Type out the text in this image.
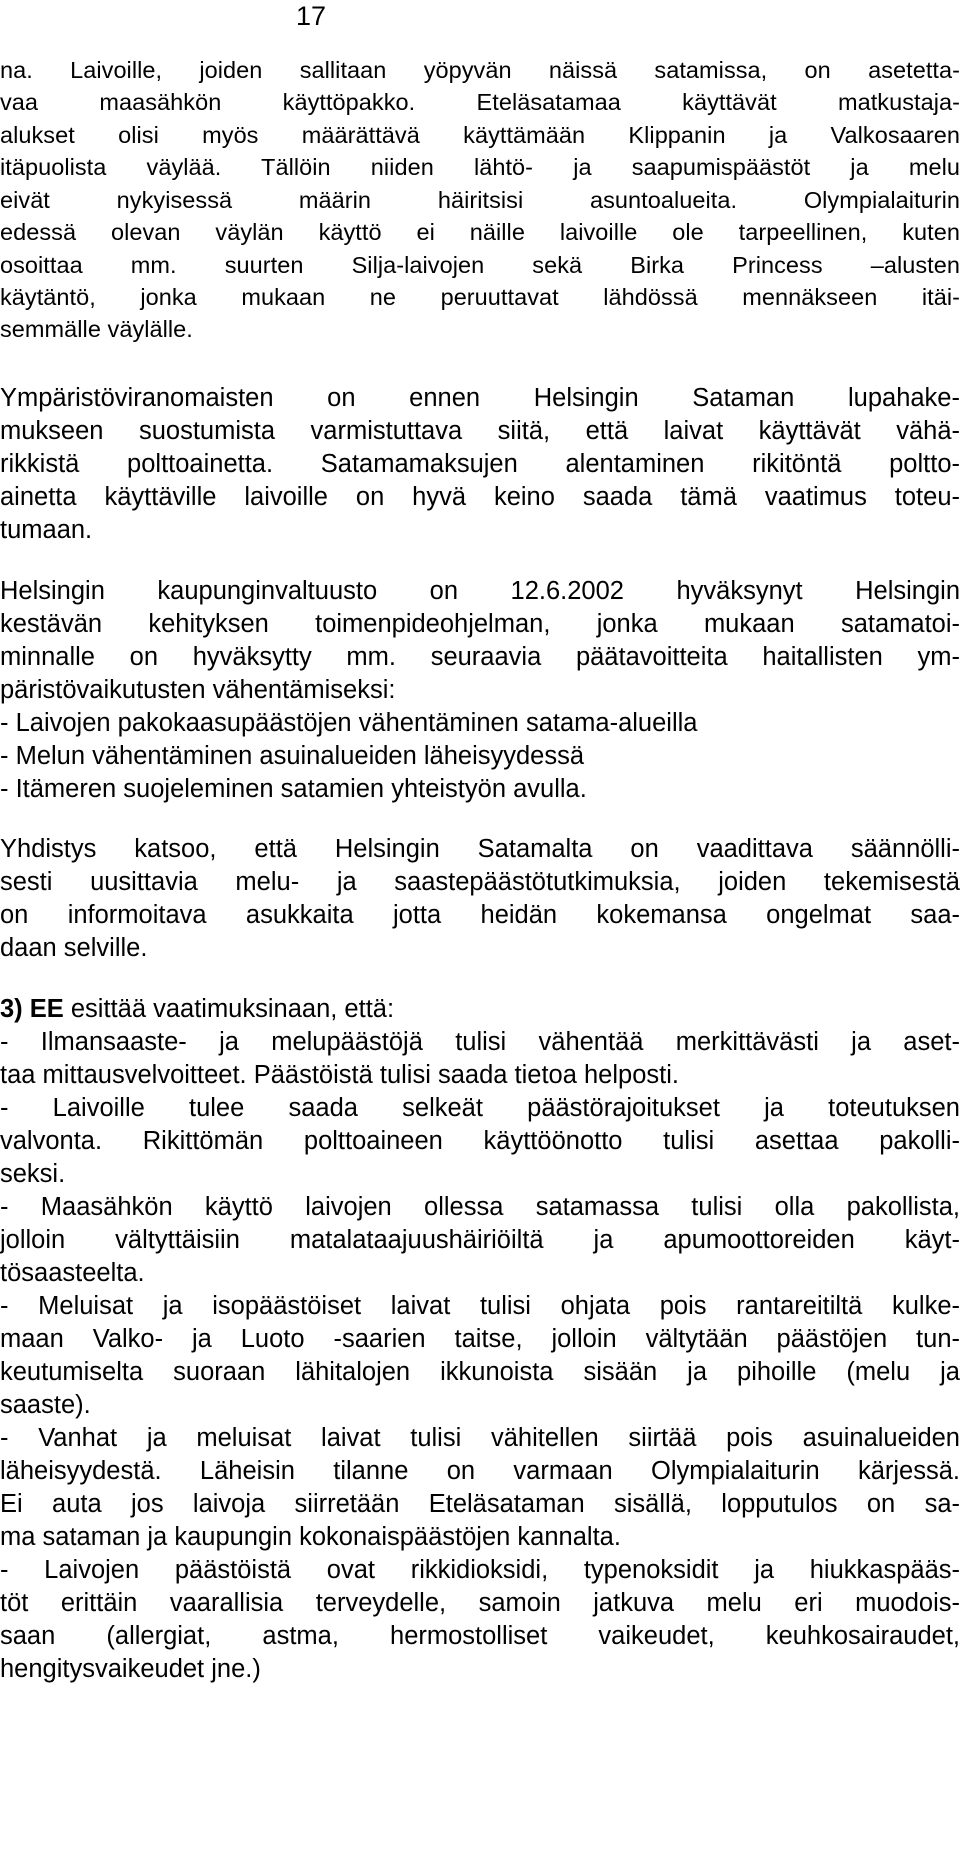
17

na. Laivoille, joiden sallitaan yöpyvän näissä satamissa, on asetetta-

vaa maasähkön käyttöpakko. Eteläsatamaa käyttävät matkustaja-

alukset olisi myös määrättävä käyttämään Klippanin ja Valkosaaren

itäpuolista väylää. Tällöin niiden lähtö- ja saapumispäästöt ja melu

eivät nykyisessä määrin häiritsisi asuntoalueita. Olympialaiturin

edessä olevan väylän käyttö ei näille laivoille ole tarpeellinen, kuten

osoittaa mm. suurten Silja-laivojen sekä Birka Princess –alusten

käytäntö, jonka mukaan ne peruuttavat lähdössä mennäkseen itäi-

semmälle väylälle.

Ympäristöviranomaisten on ennen Helsingin Sataman lupahake-

mukseen suostumista varmistuttava siitä, että laivat käyttävät vähä-

rikkistä polttoainetta. Satamamaksujen alentaminen rikitöntä poltto-

ainetta käyttäville laivoille on hyvä keino saada tämä vaatimus toteu-

tumaan.

Helsingin kaupunginvaltuusto on 12.6.2002 hyväksynyt Helsingin

kestävän kehityksen toimenpideohjelman, jonka mukaan satamatoi-

minnalle on hyväksytty mm. seuraavia päätavoitteita haitallisten ym-

päristövaikutusten vähentämiseksi:

- Laivojen pakokaasupäästöjen vähentäminen satama-alueilla

- Melun vähentäminen asuinalueiden läheisyydessä

- Itämeren suojeleminen satamien yhteistyön avulla.

Yhdistys katsoo, että Helsingin Satamalta on vaadittava säännölli-

sesti uusittavia melu- ja saastepäästötutkimuksia, joiden tekemisestä

on informoitava asukkaita jotta heidän kokemansa ongelmat saa-

daan selville.

3) EE esittää vaatimuksinaan, että:

- Ilmansaaste- ja melupäästöjä tulisi vähentää merkittävästi ja aset-

taa mittausvelvoitteet. Päästöistä tulisi saada tietoa helposti.

- Laivoille tulee saada selkeät päästörajoitukset ja toteutuksen

valvonta. Rikittömän polttoaineen käyttöönotto tulisi asettaa pakolli-

seksi.

- Maasähkön käyttö laivojen ollessa satamassa tulisi olla pakollista,

jolloin vältyttäisiin matalataajuushäiriöiltä ja apumoottoreiden käyt-

tösaasteelta.

- Meluisat ja isopäästöiset laivat tulisi ohjata pois rantareitiltä kulke-

maan Valko- ja Luoto -saarien taitse, jolloin vältytään päästöjen tun-

keutumiselta suoraan lähitalojen ikkunoista sisään ja pihoille (melu ja

saaste).

- Vanhat ja meluisat laivat tulisi vähitellen siirtää pois asuinalueiden

läheisyydestä. Läheisin tilanne on varmaan Olympialaiturin kärjessä.

Ei auta jos laivoja siirretään Eteläsataman sisällä, lopputulos on sa-

ma sataman ja kaupungin kokonaispäästöjen kannalta.

- Laivojen päästöistä ovat rikkidioksidi, typenoksidit ja hiukkaspääs-

töt erittäin vaarallisia terveydelle, samoin jatkuva melu eri muodois-

saan (allergiat, astma, hermostolliset vaikeudet, keuhkosairaudet,

hengitysvaikeudet jne.)
